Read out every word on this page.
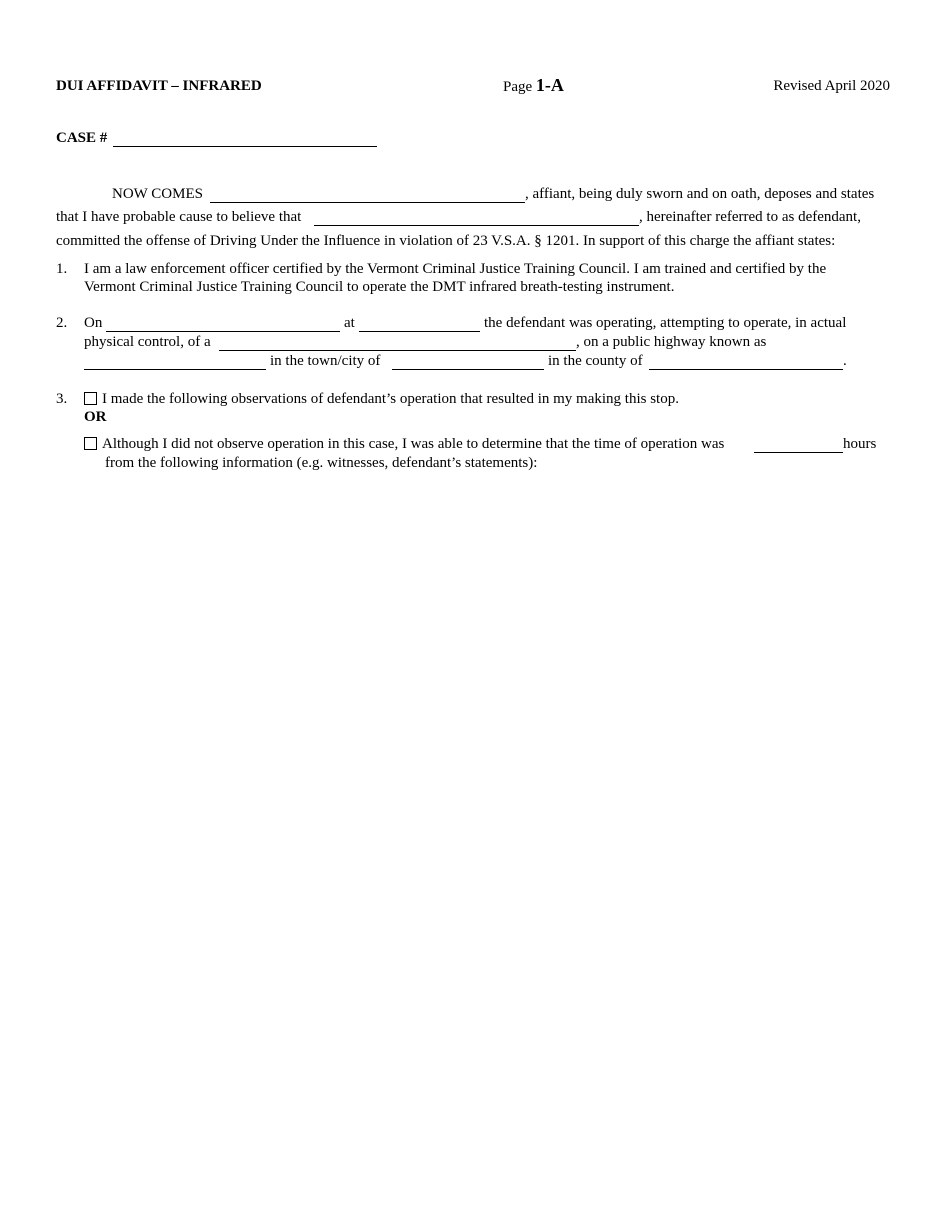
DUI AFFIDAVIT – INFRARED	Page 1-A	Revised April 2020
CASE #
NOW COMES	, affiant, being duly sworn and on oath, deposes and states
that I have probable cause to believe that	, hereinafter referred to as defendant,
committed the offense of Driving Under the Influence in violation of 23 V.S.A. § 1201. In support of this charge the affiant states:
1. I am a law enforcement officer certified by the Vermont Criminal Justice Training Council. I am trained and certified by the
Vermont Criminal Justice Training Council to operate the DMT infrared breath-testing instrument.
2. On	at	the defendant was operating, attempting to operate, in actual
physical control, of a	, on a public highway known as
in the town/city of	in the county of	.
3.	I made the following observations of defendant’s operation that resulted in my making this stop.
OR
Although I did not observe operation in this case, I was able to determine that the time of operation was	hours
from the following information (e.g. witnesses, defendant’s statements):
